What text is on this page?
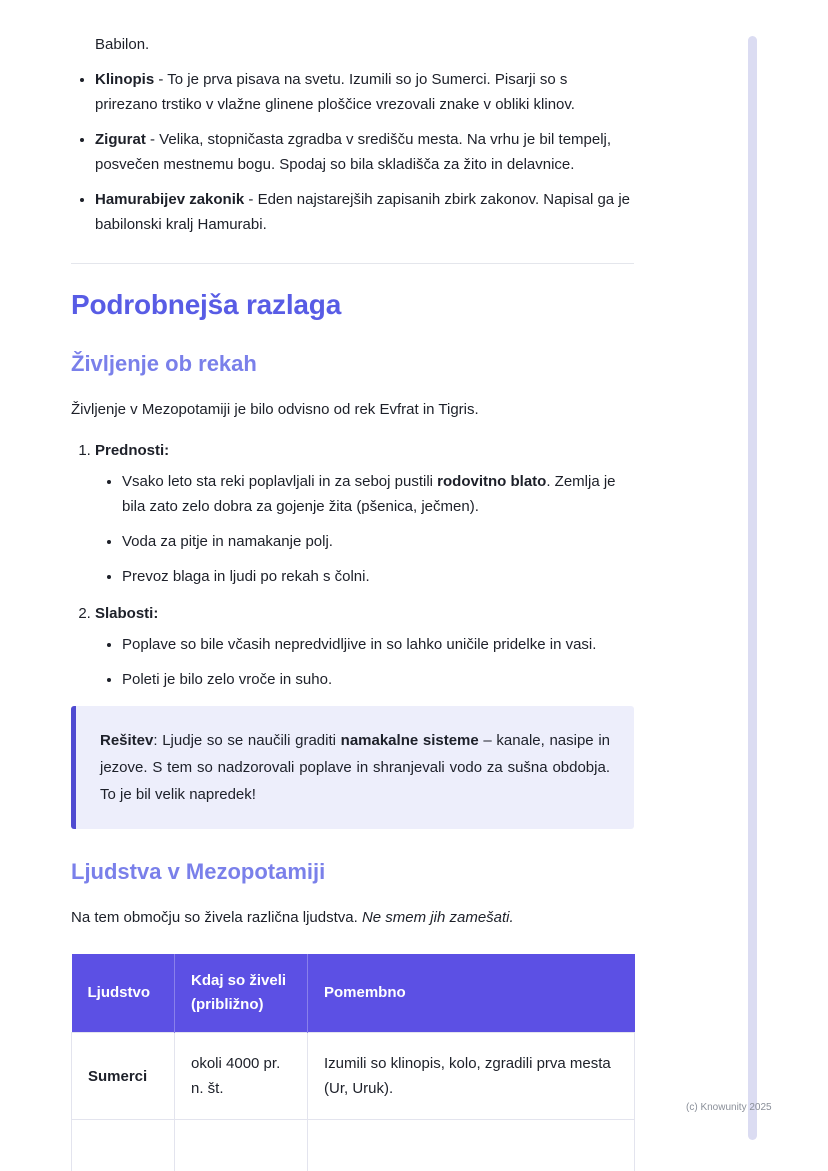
Babilon.

• Klinopis - To je prva pisava na svetu. Izumili so jo Sumerci. Pisarji so s prirezano trstiko v vlažne glinene ploščice vrezovali znake v obliki klinov.
• Zigurat - Velika, stopničasta zgradba v središču mesta. Na vrhu je bil tempelj, posvečen mestnemu bogu. Spodaj so bila skladišča za žito in delavnice.
• Hamurabijev zakonik - Eden najstarejših zapisanih zbirk zakonov. Napisal ga je babilonski kralj Hamurabi.
Podrobnejša razlaga
Življenje ob rekah

Življenje v Mezopotamiji je bilo odvisno od rek Evfrat in Tigris.

1. Prednosti:
• Vsako leto sta reki poplavljali in za seboj pustili rodovitno blato. Zemlja je bila zato zelo dobra za gojenje žita (pšenica, ječmen).
• Voda za pitje in namakanje polj.
• Prevoz blaga in ljudi po rekah s čolni.
2. Slabosti:
• Poplave so bile včasih nepredvidljive in so lahko uničile pridelke in vasi.
• Poleti je bilo zelo vroče in suho.
Rešitev: Ljudje so se naučili graditi namakalne sisteme – kanale, nasipe in jezove. S tem so nadzorovali poplave in shranjevali vodo za sušna obdobja. To je bil velik napredek!
Ljudstva v Mezopotamiji

Na tem območju so živela različna ljudstva. Ne smem jih zamešati.

Ljudstvo	Kdaj so živeli (približno)	Pomembno
Sumerci	okoli 4000 pr. n. št.	Izumili so klinopis, kolo, zgradili prva mesta (Ur, Uruk).

(c) Knowunity 2025
